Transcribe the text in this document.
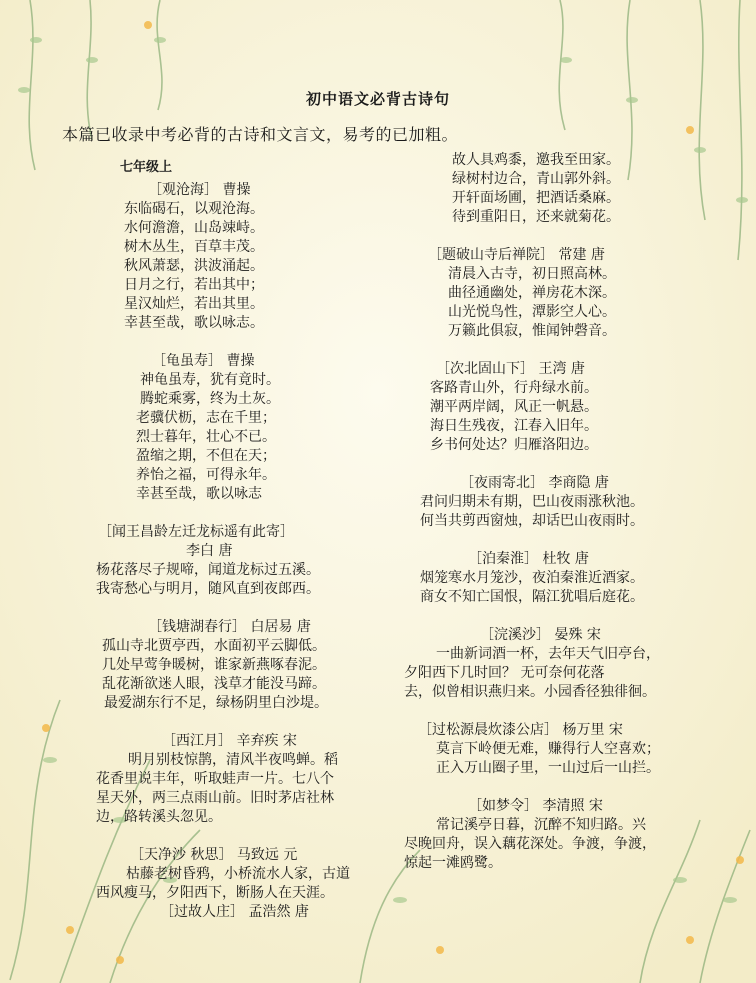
初中语文必背古诗句
本篇已收录中考必背的古诗和文言文，易考的已加粗。
七年级上
［观沧海］ 曹操
东临碣石，以观沧海。
水何澹澹，山岛竦峙。
树木丛生，百草丰茂。
秋风萧瑟，洪波涌起。
日月之行，若出其中；
星汉灿烂，若出其里。
幸甚至哉，歌以咏志。
［龟虽寿］ 曹操
神龟虽寿，犹有竟时。
腾蛇乘雾，终为土灰。
老骥伏枥，志在千里；
烈士暮年，壮心不已。
盈缩之期，不但在天；
养怡之福，可得永年。
幸甚至哉，歌以咏志
［闻王昌龄左迁龙标遥有此寄］
李白 唐
杨花落尽子规啼，闻道龙标过五溪。
我寄愁心与明月，随风直到夜郎西。
［钱塘湖春行］ 白居易 唐
孤山寺北贾亭西，水面初平云脚低。
几处早莺争暖树，谁家新燕啄春泥。
乱花渐欲迷人眼，浅草才能没马蹄。
最爱湖东行不足，绿杨阴里白沙堤。
［西江月］ 辛弃疾 宋
明月别枝惊鹊，清风半夜鸣蝉。稻
花香里说丰年，听取蛙声一片。七八个
星天外，两三点雨山前。旧时茅店社林
边，路转溪头忽见。
［天净沙 秋思］ 马致远 元
枯藤老树昏鸦，小桥流水人家，古道
西风瘦马，夕阳西下，断肠人在天涯。
［过故人庄］ 孟浩然 唐
故人具鸡黍，邀我至田家。
绿树村边合，青山郭外斜。
开轩面场圃，把酒话桑麻。
待到重阳日，还来就菊花。
［题破山寺后禅院］ 常建 唐
清晨入古寺，初日照高林。
曲径通幽处，禅房花木深。
山光悦鸟性，潭影空人心。
万籁此俱寂，惟闻钟磬音。
［次北固山下］ 王湾 唐
客路青山外，行舟绿水前。
潮平两岸阔，风正一帆悬。
海日生残夜，江春入旧年。
乡书何处达？归雁洛阳边。
［夜雨寄北］ 李商隐 唐
君问归期未有期，巴山夜雨涨秋池。
何当共剪西窗烛，却话巴山夜雨时。
［泊秦淮］ 杜牧 唐
烟笼寒水月笼沙，夜泊秦淮近酒家。
商女不知亡国恨，隔江犹唱后庭花。
［浣溪沙］ 晏殊 宋
一曲新词酒一杯，去年天气旧亭台，
夕阳西下几时回？ 无可奈何花落
去，似曾相识燕归来。小园香径独徘徊。
［过松源晨炊漆公店］ 杨万里 宋
莫言下岭便无难，赚得行人空喜欢；
正入万山圈子里，一山过后一山拦。
［如梦令］ 李清照 宋
常记溪亭日暮，沉醉不知归路。兴
尽晚回舟，误入藕花深处。争渡，争渡，
惊起一滩鸥鹭。
